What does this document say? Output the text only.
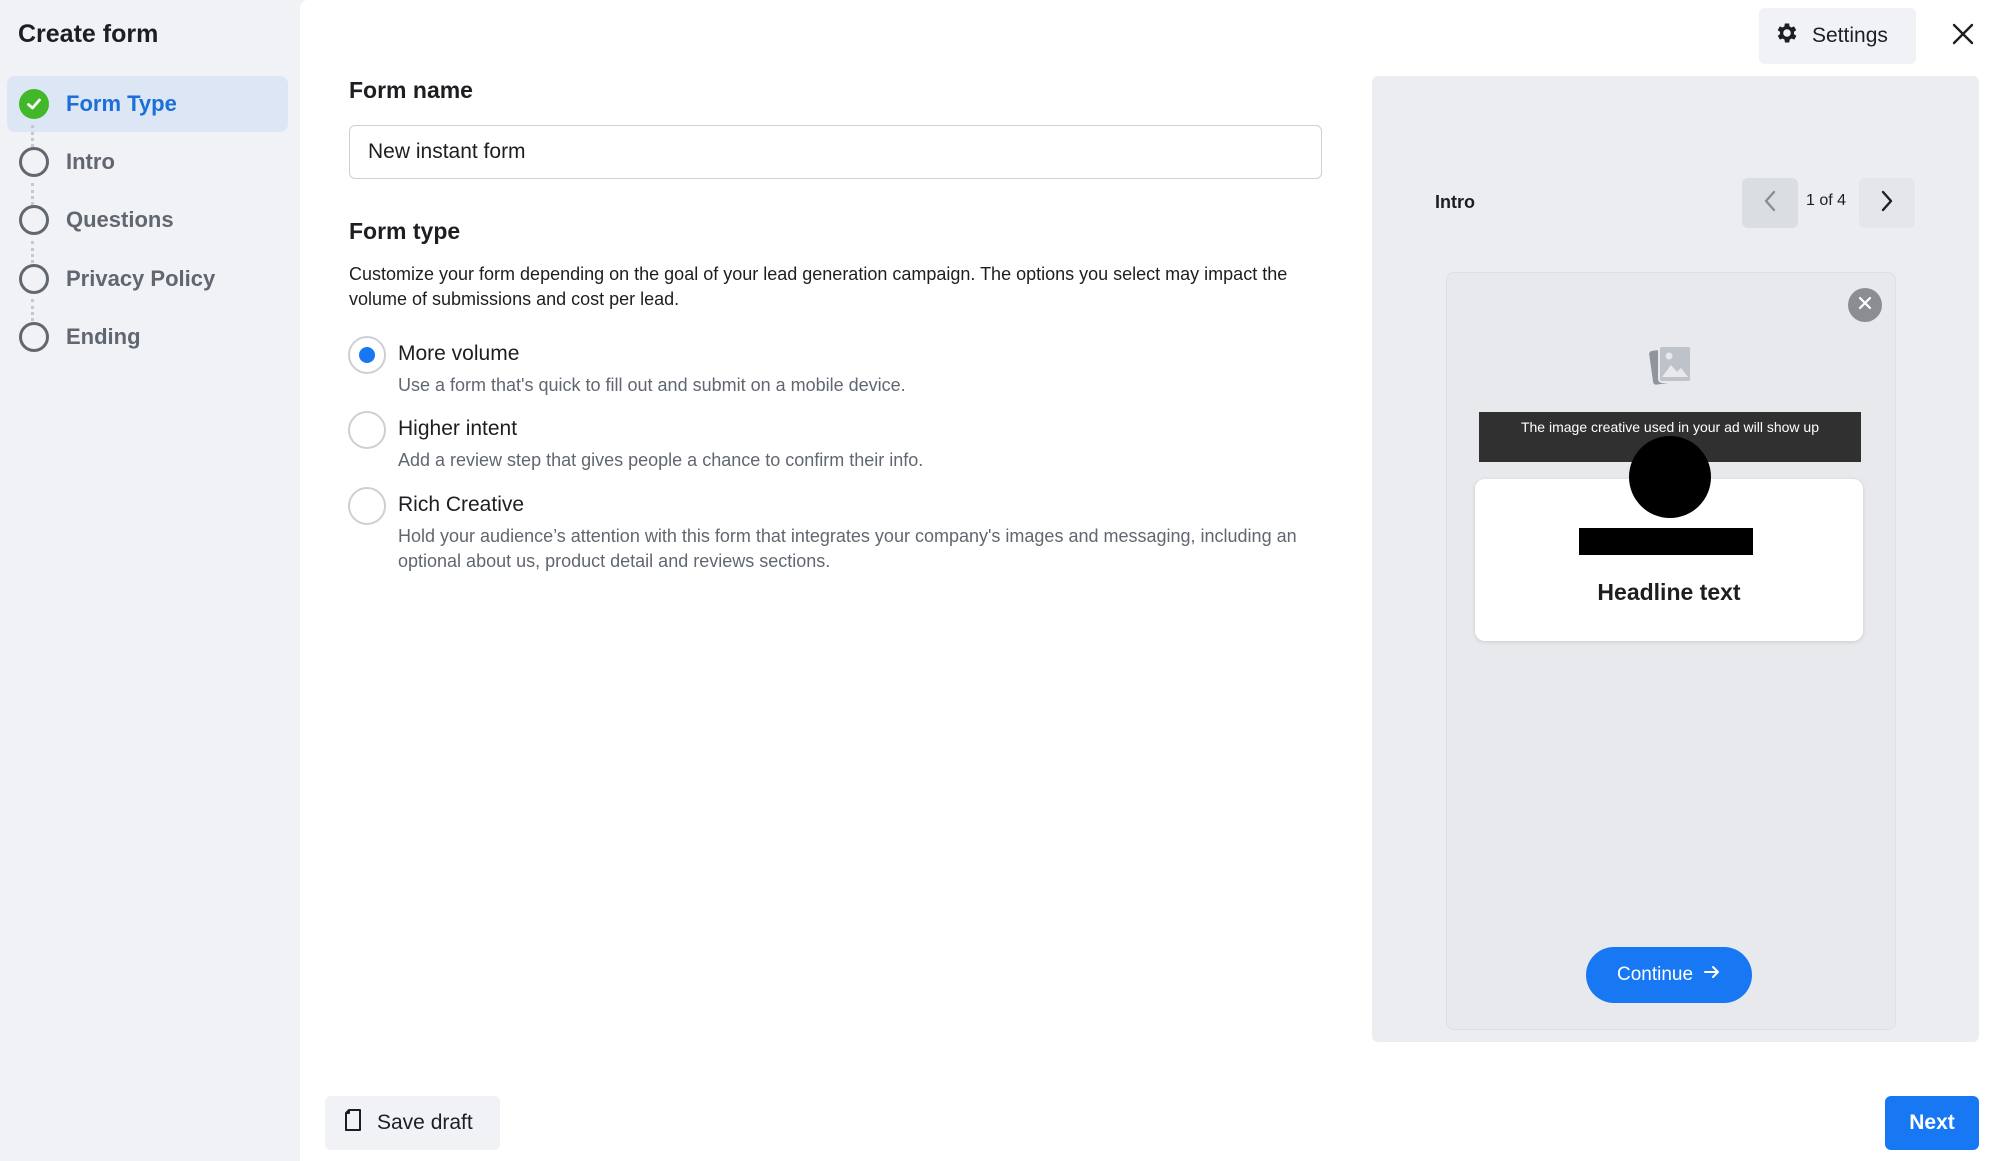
Create form
Form Type
Intro
Questions
Privacy Policy
Ending
Form name
New instant form
Form type
Customize your form depending on the goal of your lead generation campaign. The options you select may impact the volume of submissions and cost per lead.
More volume
Use a form that's quick to fill out and submit on a mobile device.
Higher intent
Add a review step that gives people a chance to confirm their info.
Rich Creative
Hold your audience’s attention with this form that integrates your company's images and messaging, including an optional about us, product detail and reviews sections.
Intro	1 of 4
The image creative used in your ad will show up
Headline text
Continue
Settings
Save draft	Next
